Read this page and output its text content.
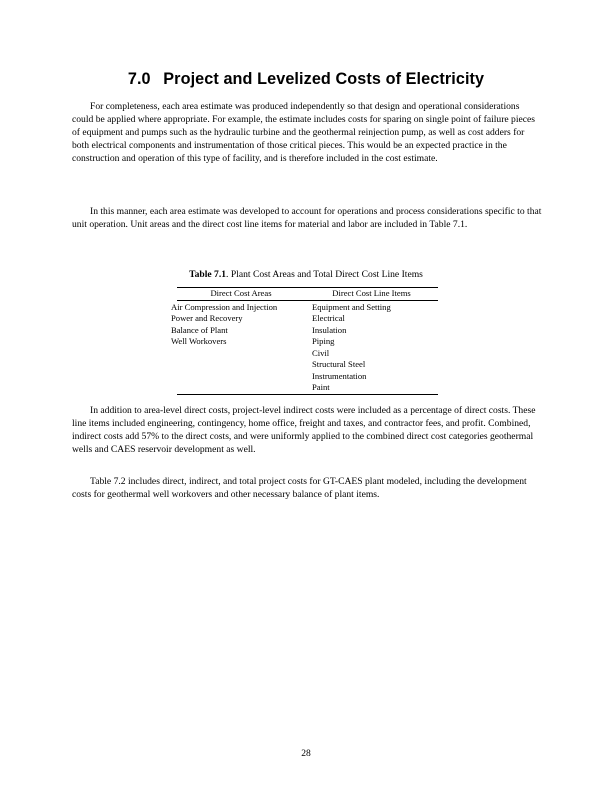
7.0 Project and Levelized Costs of Electricity

For completeness, each area estimate was produced independently so that design and operational considerations could be applied where appropriate. For example, the estimate includes costs for sparing on single point of failure pieces of equipment and pumps such as the hydraulic turbine and the geothermal reinjection pump, as well as cost adders for both electrical components and instrumentation of those critical pieces. This would be an expected practice in the construction and operation of this type of facility, and is therefore included in the cost estimate.

In this manner, each area estimate was developed to account for operations and process considerations specific to that unit operation. Unit areas and the direct cost line items for material and labor are included in Table 7.1.

Table 7.1. Plant Cost Areas and Total Direct Cost Line Items

Direct Cost Areas	Direct Cost Line Items
Air Compression and Injection
Power and Recovery
Balance of Plant
Well Workovers
Equipment and Setting
Electrical
Insulation
Piping
Civil
Structural Steel
Instrumentation
Paint

In addition to area-level direct costs, project-level indirect costs were included as a percentage of direct costs. These line items included engineering, contingency, home office, freight and taxes, and contractor fees, and profit. Combined, indirect costs add 57% to the direct costs, and were uniformly applied to the combined direct cost categories geothermal wells and CAES reservoir development as well.

Table 7.2 includes direct, indirect, and total project costs for GT-CAES plant modeled, including the development costs for geothermal well workovers and other necessary balance of plant items.

28
